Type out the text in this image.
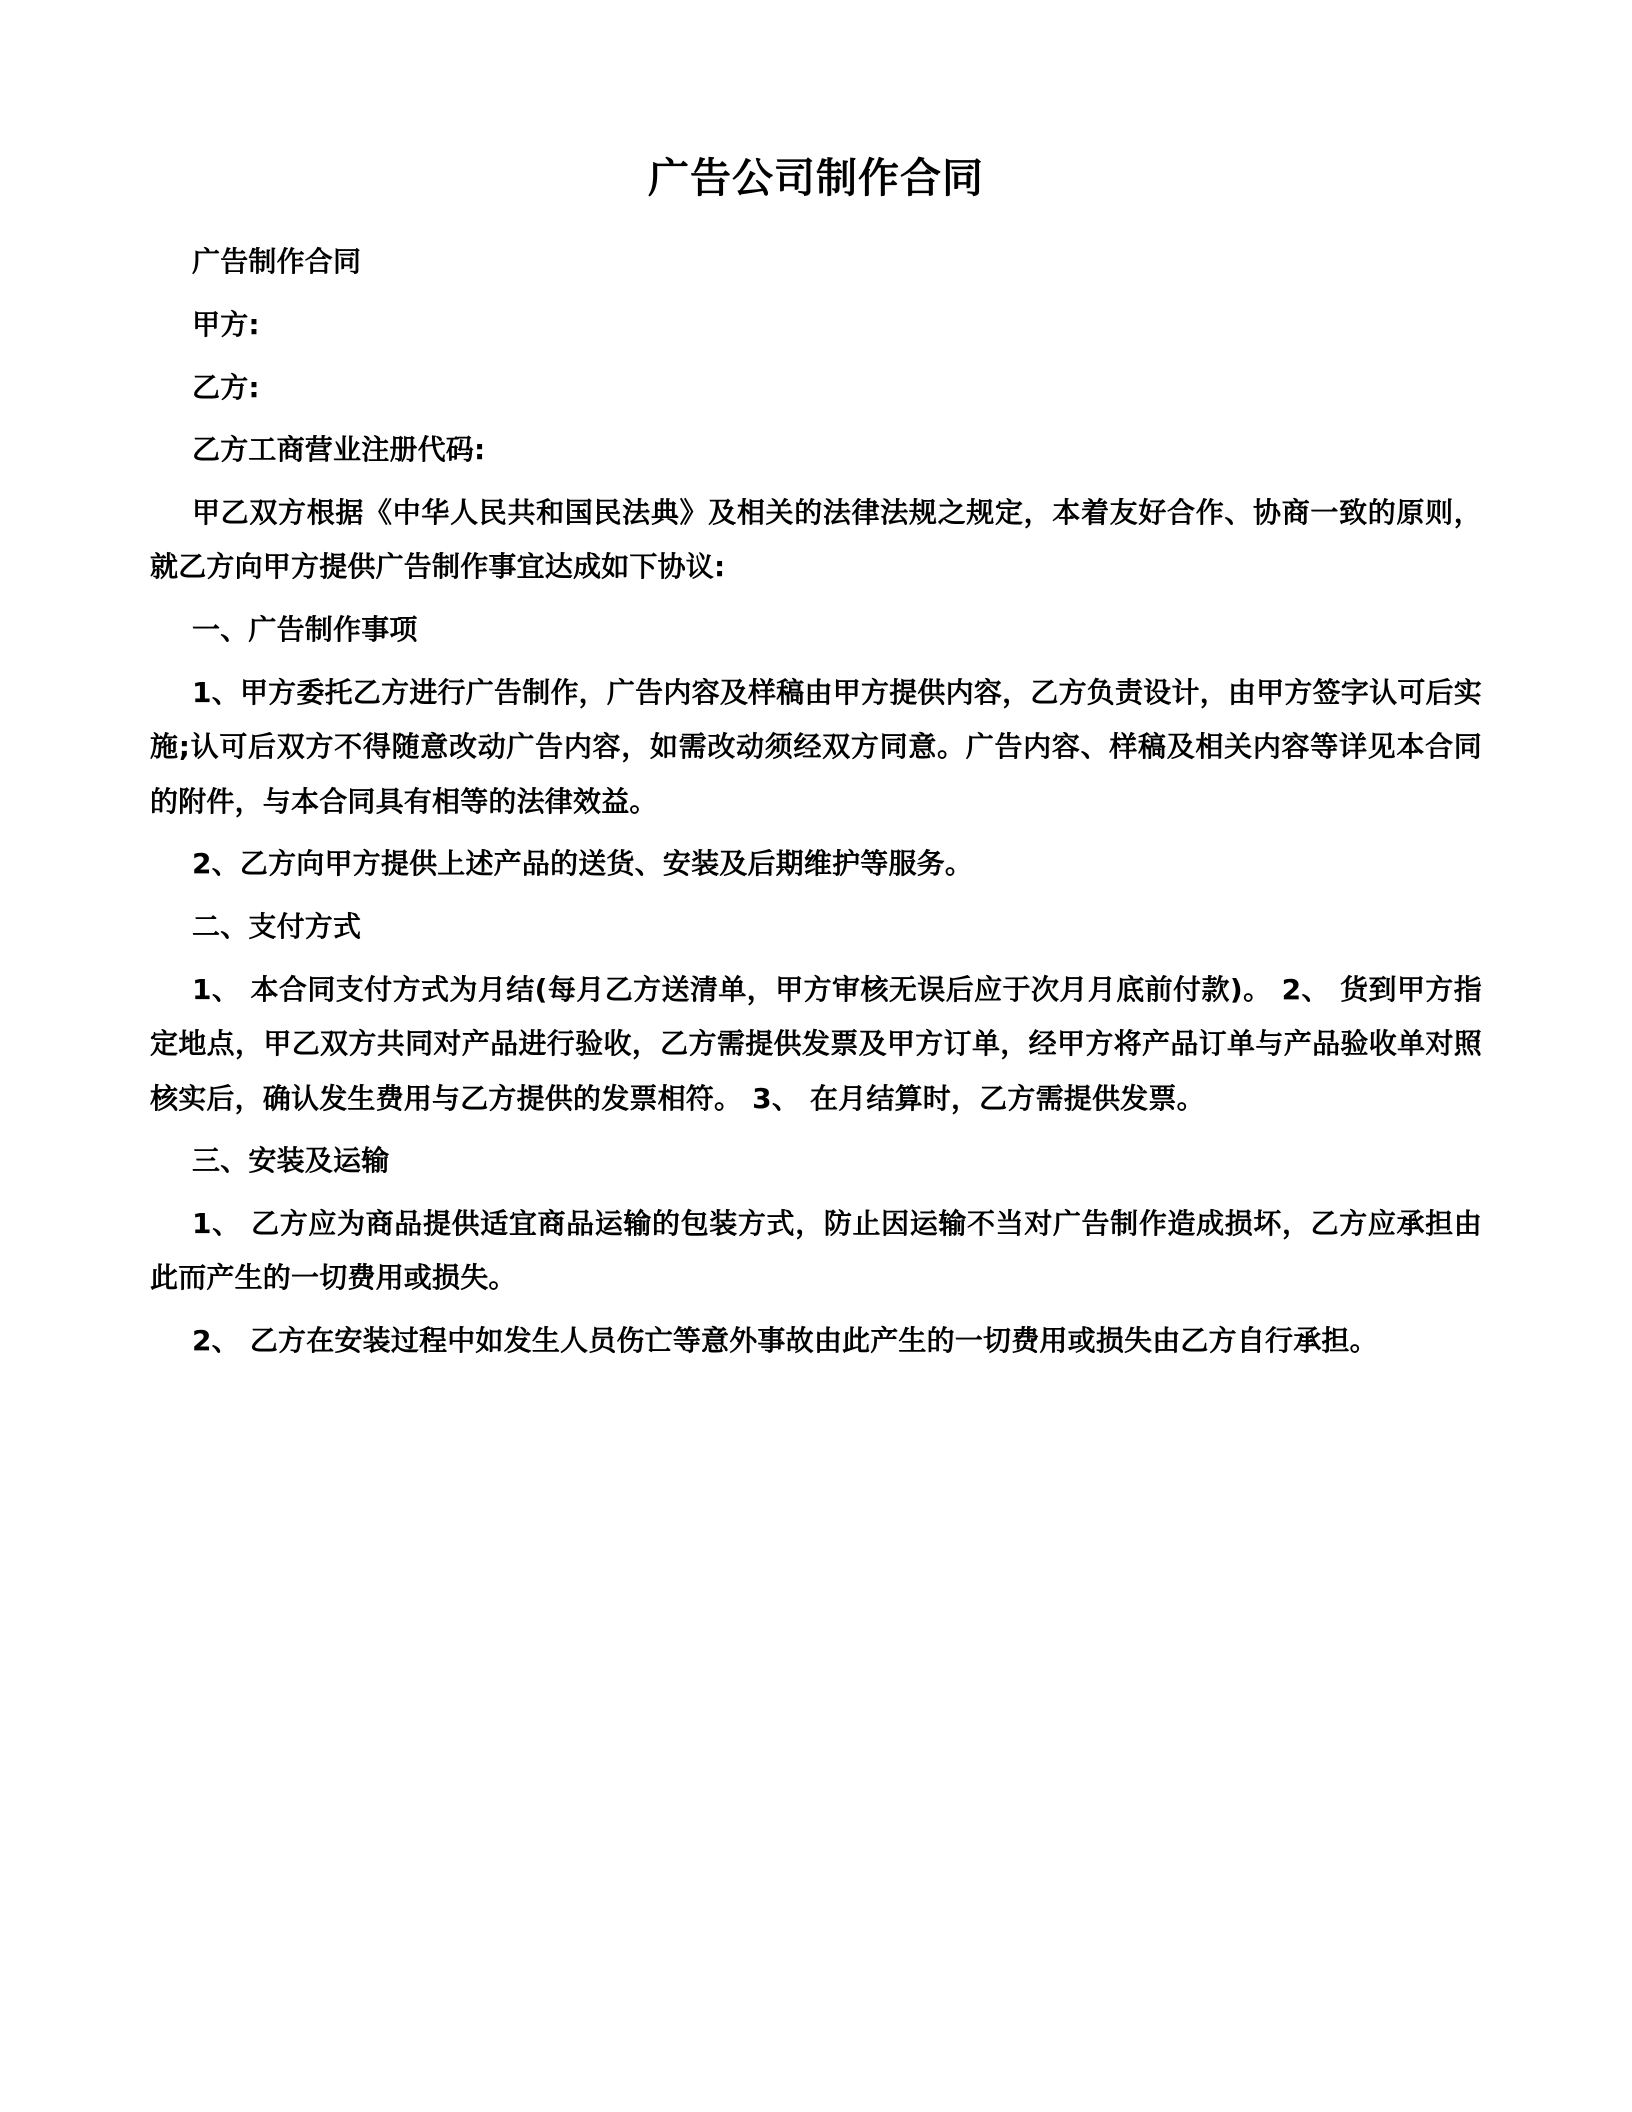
广告公司制作合同

广告制作合同

甲方:

乙方:

乙方工商营业注册代码:

甲乙双方根据《中华人民共和国民法典》及相关的法律法规之规定，本着友好合作、协商一致的原则，就乙方向甲方提供广告制作事宜达成如下协议:

一、广告制作事项

1、甲方委托乙方进行广告制作，广告内容及样稿由甲方提供内容，乙方负责设计，由甲方签字认可后实施;认可后双方不得随意改动广告内容，如需改动须经双方同意。广告内容、样稿及相关内容等详见本合同的附件，与本合同具有相等的法律效益。

2、乙方向甲方提供上述产品的送货、安装及后期维护等服务。

二、支付方式

1、 本合同支付方式为月结(每月乙方送清单，甲方审核无误后应于次月月底前付款)。 2、 货到甲方指定地点，甲乙双方共同对产品进行验收，乙方需提供发票及甲方订单，经甲方将产品订单与产品验收单对照核实后，确认发生费用与乙方提供的发票相符。 3、 在月结算时，乙方需提供发票。

三、安装及运输

1、 乙方应为商品提供适宜商品运输的包装方式，防止因运输不当对广告制作造成损坏，乙方应承担由此而产生的一切费用或损失。

2、 乙方在安装过程中如发生人员伤亡等意外事故由此产生的一切费用或损失由乙方自行承担。
